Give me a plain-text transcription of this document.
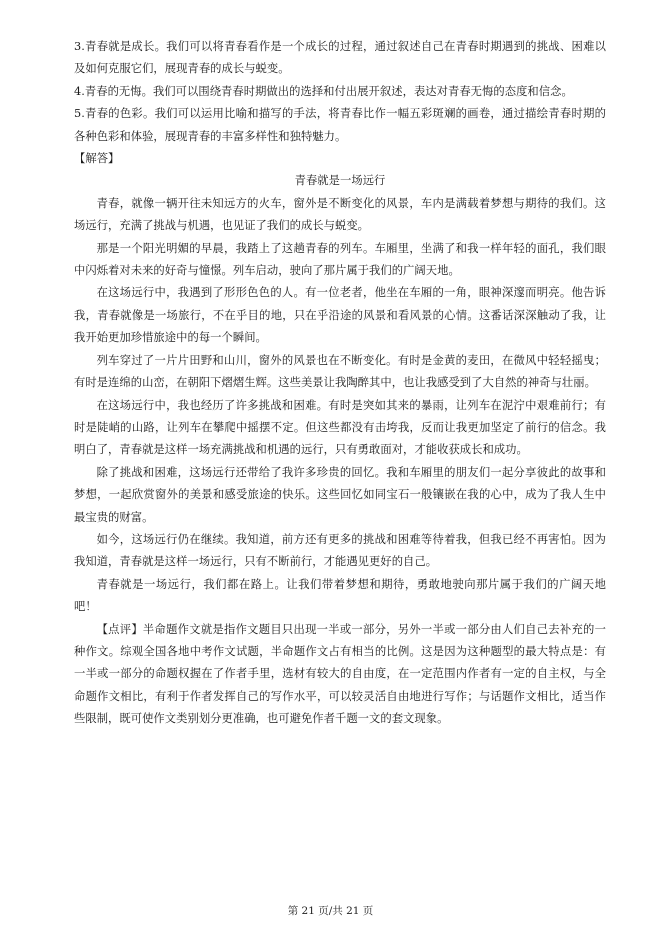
3.青春就是成长。我们可以将青春看作是一个成长的过程，通过叙述自己在青春时期遇到的挑战、困难以及如何克服它们，展现青春的成长与蜕变。

4.青春的无悔。我们可以围绕青春时期做出的选择和付出展开叙述，表达对青春无悔的态度和信念。

5.青春的色彩。我们可以运用比喻和描写的手法，将青春比作一幅五彩斑斓的画卷，通过描绘青春时期的各种色彩和体验，展现青春的丰富多样性和独特魅力。

【解答】

青春就是一场远行

青春，就像一辆开往未知远方的火车，窗外是不断变化的风景，车内是满载着梦想与期待的我们。这场远行，充满了挑战与机遇，也见证了我们的成长与蜕变。

那是一个阳光明媚的早晨，我踏上了这趟青春的列车。车厢里，坐满了和我一样年轻的面孔，我们眼中闪烁着对未来的好奇与憧憬。列车启动，驶向了那片属于我们的广阔天地。

在这场远行中，我遇到了形形色色的人。有一位老者，他坐在车厢的一角，眼神深邃而明亮。他告诉我，青春就像是一场旅行，不在乎目的地，只在乎沿途的风景和看风景的心情。这番话深深触动了我，让我开始更加珍惜旅途中的每一个瞬间。

列车穿过了一片片田野和山川，窗外的风景也在不断变化。有时是金黄的麦田，在微风中轻轻摇曳；有时是连绵的山峦，在朝阳下熠熠生辉。这些美景让我陶醉其中，也让我感受到了大自然的神奇与壮丽。

在这场远行中，我也经历了许多挑战和困难。有时是突如其来的暴雨，让列车在泥泞中艰难前行；有时是陡峭的山路，让列车在攀爬中摇摆不定。但这些都没有击垮我，反而让我更加坚定了前行的信念。我明白了，青春就是这样一场充满挑战和机遇的远行，只有勇敢面对，才能收获成长和成功。

除了挑战和困难，这场远行还带给了我许多珍贵的回忆。我和车厢里的朋友们一起分享彼此的故事和梦想，一起欣赏窗外的美景和感受旅途的快乐。这些回忆如同宝石一般镶嵌在我的心中，成为了我人生中最宝贵的财富。

如今，这场远行仍在继续。我知道，前方还有更多的挑战和困难等待着我，但我已经不再害怕。因为我知道，青春就是这样一场远行，只有不断前行，才能遇见更好的自己。

青春就是一场远行，我们都在路上。让我们带着梦想和期待，勇敢地驶向那片属于我们的广阔天地吧！

【点评】半命题作文就是指作文题目只出现一半或一部分，另外一半或一部分由人们自己去补充的一种作文。综观全国各地中考作文试题，半命题作文占有相当的比例。这是因为这种题型的最大特点是：有一半或一部分的命题权握在了作者手里，选材有较大的自由度，在一定范围内作者有一定的自主权，与全命题作文相比，有利于作者发挥自己的写作水平，可以较灵活自由地进行写作；与话题作文相比，适当作些限制，既可使作文类别划分更准确，也可避免作者千题一文的套文现象。

第 21 页/共 21 页
